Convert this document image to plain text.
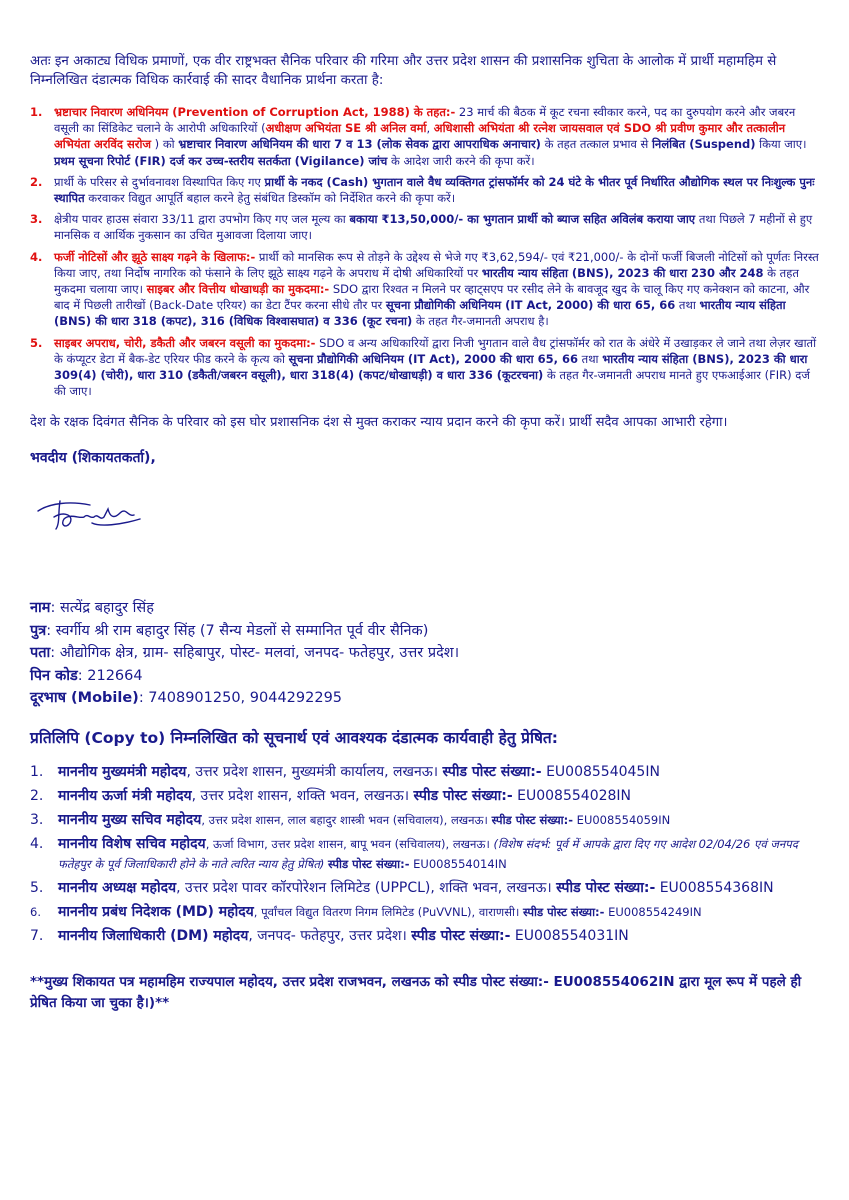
अतः इन अकाट्य विधिक प्रमाणों, एक वीर राष्ट्रभक्त सैनिक परिवार की गरिमा और उत्तर प्रदेश शासन की प्रशासनिक शुचिता के आलोक में प्रार्थी महामहिम से निम्नलिखित दंडात्मक विधिक कार्रवाई की सादर वैधानिक प्रार्थना करता है:

1. भ्रष्टाचार निवारण अधिनियम (Prevention of Corruption Act, 1988) के तहत:- 23 मार्च की बैठक में कूट रचना स्वीकार करने, पद का दुरुपयोग करने और जबरन वसूली का सिंडिकेट चलाने के आरोपी अधिकारियों (अधीक्षण अभियंता SE श्री अनिल वर्मा, अधिशासी अभियंता श्री रत्नेश जायसवाल एवं SDO श्री प्रवीण कुमार और तत्कालीन अभियंता अरविंद सरोज ) को भ्रष्टाचार निवारण अधिनियम की धारा 7 व 13 (लोक सेवक द्वारा आपराधिक अनाचार) के तहत तत्काल प्रभाव से निलंबित (Suspend) किया जाए।प्रथम सूचना रिपोर्ट (FIR) दर्ज कर उच्च-स्तरीय सतर्कता (Vigilance) जांच के आदेश जारी करने की कृपा करें।
2. प्रार्थी के परिसर से दुर्भावनावश विस्थापित किए गए प्रार्थी के नकद (Cash) भुगतान वाले वैध व्यक्तिगत ट्रांसफॉर्मर को 24 घंटे के भीतर पूर्व निर्धारित औद्योगिक स्थल पर निःशुल्क पुनः स्थापित करवाकर विद्युत आपूर्ति बहाल करने हेतु संबंधित डिस्कॉम को निर्देशित करने की कृपा करें।
3. क्षेत्रीय पावर हाउस संवारा 33/11 द्वारा उपभोग किए गए जल मूल्य का बकाया ₹13,50,000/- का भुगतान प्रार्थी को ब्याज सहित अविलंब कराया जाए तथा पिछले 7 महीनों से हुए मानसिक व आर्थिक नुकसान का उचित मुआवजा दिलाया जाए।
4. फर्जी नोटिसों और झूठे साक्ष्य गढ़ने के खिलाफ:- प्रार्थी को मानसिक रूप से तोड़ने के उद्देश्य से भेजे गए ₹3,62,594/- एवं ₹21,000/- के दोनों फर्जी बिजली नोटिसों को पूर्णतः निरस्त किया जाए, तथा निर्दोष नागरिक को फंसाने के लिए झूठे साक्ष्य गढ़ने के अपराध में दोषी अधिकारियों पर भारतीय न्याय संहिता (BNS), 2023 की धारा 230 और 248 के तहत मुकदमा चलाया जाए। साइबर और वित्तीय धोखाधड़ी का मुकदमा:- SDO द्वारा रिश्वत न मिलने पर व्हाट्सएप पर रसीद लेने के बावजूद खुद के चालू किए गए कनेक्शन को काटना, और बाद में पिछली तारीखों (Back-Date एरियर) का डेटा टैंपर करना सीधे तौर पर सूचना प्रौद्योगिकी अधिनियम (IT Act, 2000) की धारा 65, 66 तथा भारतीय न्याय संहिता (BNS) की धारा 318 (कपट), 316 (विधिक विश्वासघात) व 336 (कूट रचना) के तहत गैर-जमानती अपराध है।
5. साइबर अपराध, चोरी, डकैती और जबरन वसूली का मुकदमा:- SDO व अन्य अधिकारियों द्वारा निजी भुगतान वाले वैध ट्रांसफॉर्मर को रात के अंधेरे में उखाड़कर ले जाने तथा लेज़र खातों के कंप्यूटर डेटा में बैक-डेट एरियर फीड करने के कृत्य को सूचना प्रौद्योगिकी अधिनियम (IT Act), 2000 की धारा 65, 66 तथा भारतीय न्याय संहिता (BNS), 2023 की धारा 309(4) (चोरी), धारा 310 (डकैती/जबरन वसूली), धारा 318(4) (कपट/धोखाधड़ी) व धारा 336 (कूटरचना) के तहत गैर-जमानती अपराध मानते हुए एफआईआर (FIR) दर्ज की जाए।

देश के रक्षक दिवंगत सैनिक के परिवार को इस घोर प्रशासनिक दंश से मुक्त कराकर न्याय प्रदान करने की कृपा करें। प्रार्थी सदैव आपका आभारी रहेगा।

भवदीय (शिकायतकर्ता),

नाम: सत्येंद्र बहादुर सिंह
पुत्र: स्वर्गीय श्री राम बहादुर सिंह (7 सैन्य मेडलों से सम्मानित पूर्व वीर सैनिक)
पता: औद्योगिक क्षेत्र, ग्राम- सहिबापुर, पोस्ट- मलवां, जनपद- फतेहपुर, उत्तर प्रदेश।
पिन कोड: 212664
दूरभाष (Mobile): 7408901250, 9044292295
प्रतिलिपि (Copy to) निम्नलिखित को सूचनार्थ एवं आवश्यक दंडात्मक कार्यवाही हेतु प्रेषित:
1. माननीय मुख्यमंत्री महोदय, उत्तर प्रदेश शासन, मुख्यमंत्री कार्यालय, लखनऊ। स्पीड पोस्ट संख्या:- EU008554045IN
2. माननीय ऊर्जा मंत्री महोदय, उत्तर प्रदेश शासन, शक्ति भवन, लखनऊ। स्पीड पोस्ट संख्या:- EU008554028IN
3. माननीय मुख्य सचिव महोदय, उत्तर प्रदेश शासन, लाल बहादुर शास्त्री भवन (सचिवालय), लखनऊ। स्पीड पोस्ट संख्या:- EU008554059IN
4. माननीय विशेष सचिव महोदय, ऊर्जा विभाग, उत्तर प्रदेश शासन, बापू भवन (सचिवालय), लखनऊ। (विशेष संदर्भ: पूर्व में आपके द्वारा दिए गए आदेश 02/04/26 एवं जनपद फतेहपुर के पूर्व जिलाधिकारी होने के नाते त्वरित न्याय हेतु प्रेषित) स्पीड पोस्ट संख्या:- EU008554014IN
5. माननीय अध्यक्ष महोदय, उत्तर प्रदेश पावर कॉरपोरेशन लिमिटेड (UPPCL), शक्ति भवन, लखनऊ। स्पीड पोस्ट संख्या:- EU008554368IN
6. माननीय प्रबंध निदेशक (MD) महोदय, पूर्वांचल विद्युत वितरण निगम लिमिटेड (PuVVNL), वाराणसी। स्पीड पोस्ट संख्या:- EU008554249IN
7. माननीय जिलाधिकारी (DM) महोदय, जनपद- फतेहपुर, उत्तर प्रदेश। स्पीड पोस्ट संख्या:- EU008554031IN

**मुख्य शिकायत पत्र महामहिम राज्यपाल महोदय, उत्तर प्रदेश राजभवन, लखनऊ को स्पीड पोस्ट संख्या:- EU008554062IN द्वारा मूल रूप में पहले ही प्रेषित किया जा चुका है।)**
